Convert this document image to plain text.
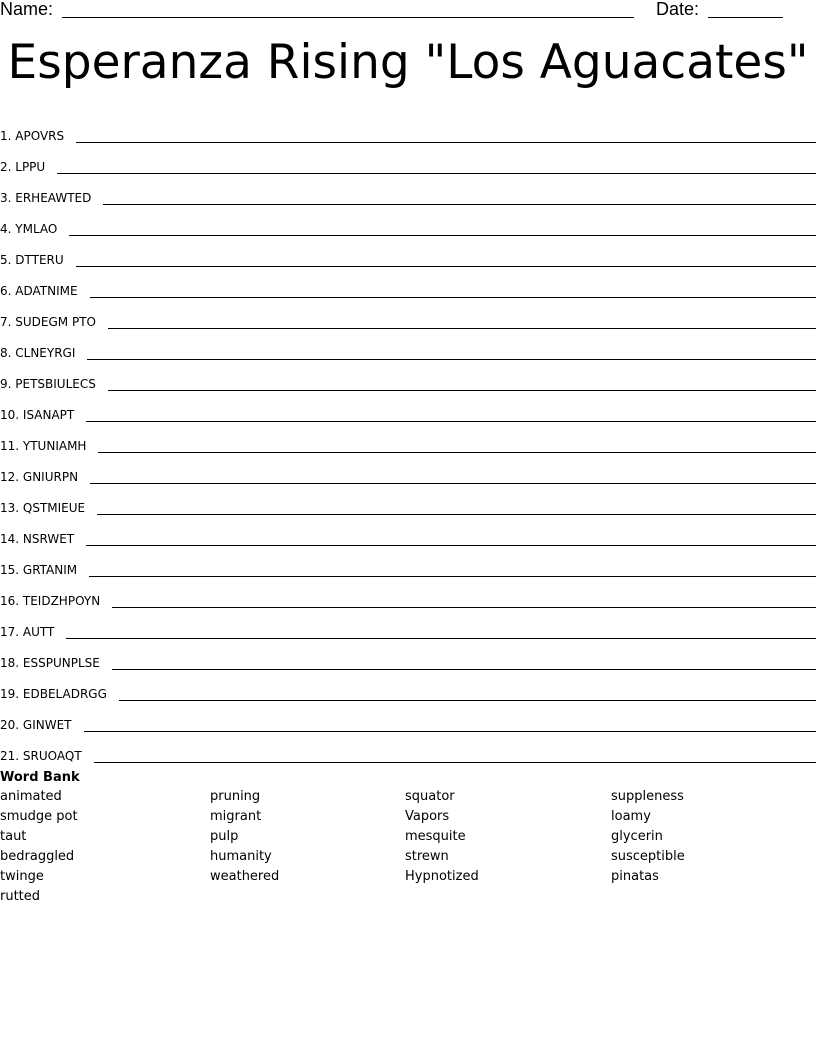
Name:	Date:
Esperanza Rising "Los Aguacates"
1. APOVRS
2. LPPU
3. ERHEAWTED
4. YMLAO
5. DTTERU
6. ADATNIME
7. SUDEGM PTO
8. CLNEYRGI
9. PETSBIULECS
10. ISANAPT
11. YTUNIAMH
12. GNIURPN
13. QSTMIEUE
14. NSRWET
15. GRTANIM
16. TEIDZHPOYN
17. AUTT
18. ESSPUNPLSE
19. EDBELADRGG
20. GINWET
21. SRUOAQT
Word Bank
animated
smudge pot
taut
bedraggled
twinge
rutted
pruning
migrant
pulp
humanity
weathered
squator
Vapors
mesquite
strewn
Hypnotized
suppleness
loamy
glycerin
susceptible
pinatas
